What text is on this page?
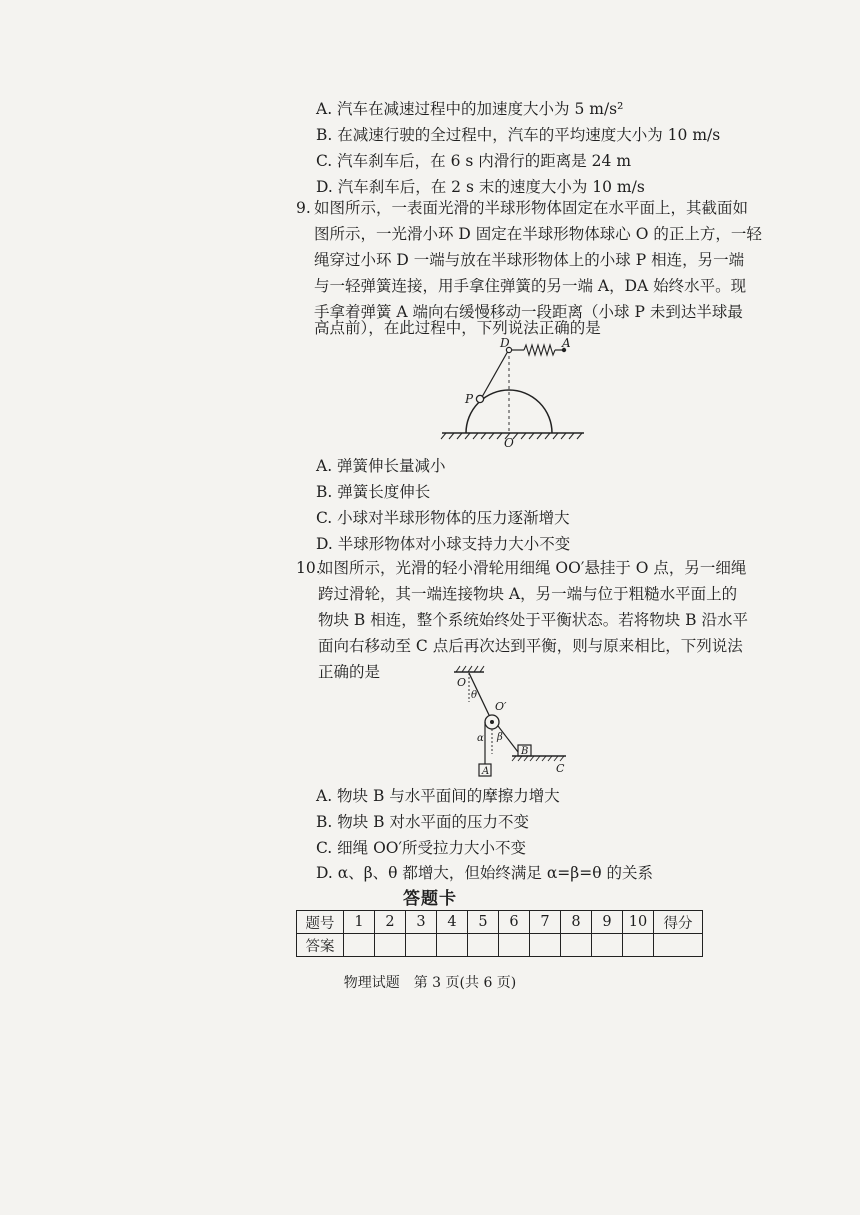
A. 汽车在减速过程中的加速度大小为 5 m/s²
B. 在减速行驶的全过程中，汽车的平均速度大小为 10 m/s
C. 汽车刹车后，在 6 s 内滑行的距离是 24 m
D. 汽车刹车后，在 2 s 末的速度大小为 10 m/s
9. 如图所示，一表面光滑的半球形物体固定在水平面上，其截面如
图所示，一光滑小环 D 固定在半球形物体球心 O 的正上方，一轻
绳穿过小环 D 一端与放在半球形物体上的小球 P 相连，另一端
与一轻弹簧连接，用手拿住弹簧的另一端 A，DA 始终水平。现
手拿着弹簧 A 端向右缓慢移动一段距离（小球 P 未到达半球最
高点前），在此过程中，下列说法正确的是
D	A
P
O
A. 弹簧伸长量减小
B. 弹簧长度伸长
C. 小球对半球形物体的压力逐渐增大
D. 半球形物体对小球支持力大小不变
10.
如图所示，光滑的轻小滑轮用细绳 OO′悬挂于 O 点，另一细绳
跨过滑轮，其一端连接物块 A，另一端与位于粗糙水平面上的
物块 B 相连，整个系统始终处于平衡状态。若将物块 B 沿水平
面向右移动至 C 点后再次达到平衡，则与原来相比，下列说法
正确的是
O
θ
O′
α β
B
C
A
A. 物块 B 与水平面间的摩擦力增大
B. 物块 B 对水平面的压力不变
C. 细绳 OO′所受拉力大小不变
D. α、β、θ 都增大，但始终满足 α=β=θ 的关系
答题卡
题号	1	2	3	4	5	6	7	8	9	10	得分
答案											
物理试题　第 3 页(共 6 页)
